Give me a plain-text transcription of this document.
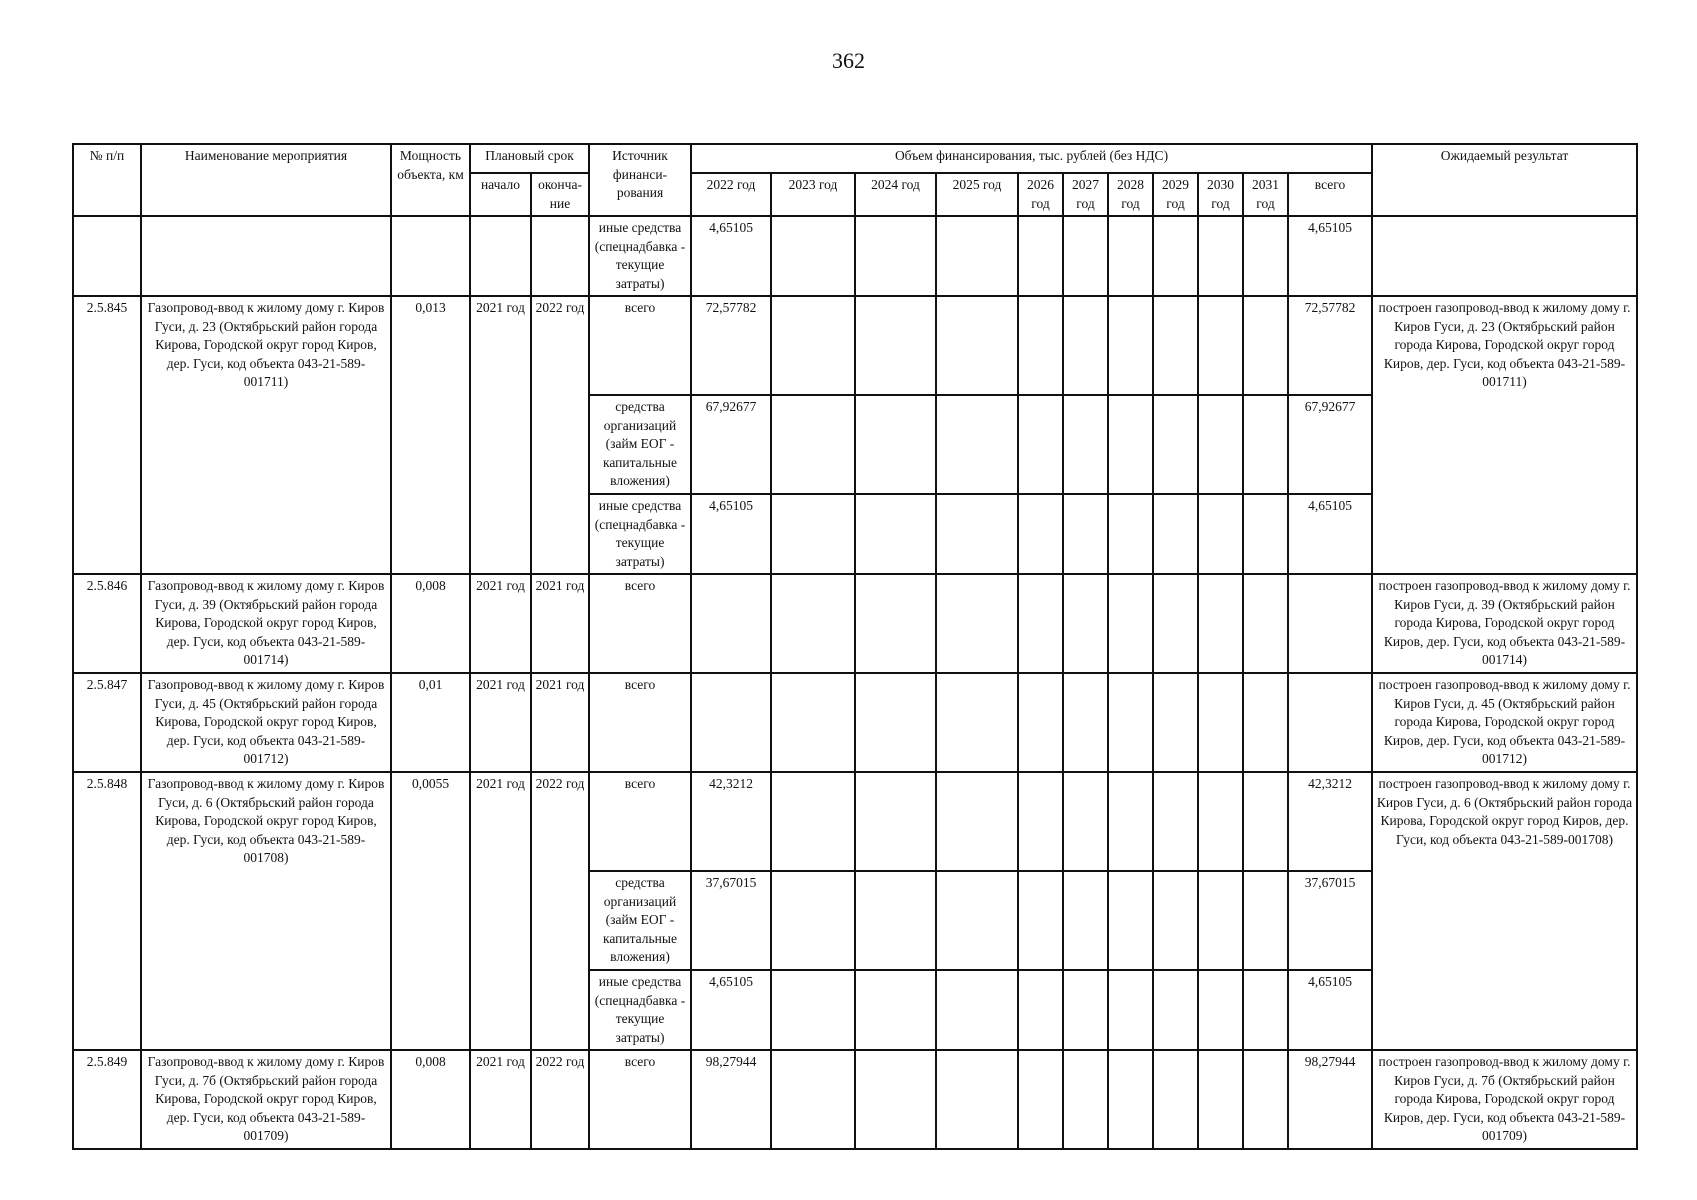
362
№ п/п	Наименование мероприятия	Мощность объекта, км	Плановый срок		Источник финанси-рования	Объем финансирования, тыс. рублей (без НДС)											Ожидаемый результат
			начало	оконча-ние		2022 год	2023 год	2024 год	2025 год	2026 год	2027 год	2028 год	2029 год	2030 год	2031 год	всего	
					иные средства (спецнадбавка - текущие затраты)	4,65105										4,65105	
2.5.845	Газопровод-ввод к жилому дому г. Киров Гуси, д. 23 (Октябрьский район города Кирова, Городской округ город Киров, дер. Гуси, код объекта 043-21-589-001711)	0,013	2021 год	2022 год	всего	72,57782										72,57782	построен газопровод-ввод к жилому дому г. Киров Гуси, д. 23 (Октябрьский район города Кирова, Городской округ город Киров, дер. Гуси, код объекта 043-21-589-001711)
					средства организаций (займ ЕОГ - капитальные вложения)	67,92677										67,92677	
					иные средства (спецнадбавка - текущие затраты)	4,65105										4,65105	
2.5.846	Газопровод-ввод к жилому дому г. Киров Гуси, д. 39 (Октябрьский район города Кирова, Городской округ город Киров, дер. Гуси, код объекта 043-21-589-001714)	0,008	2021 год	2021 год	всего												построен газопровод-ввод к жилому дому г. Киров Гуси, д. 39 (Октябрьский район города Кирова, Городской округ город Киров, дер. Гуси, код объекта 043-21-589-001714)
2.5.847	Газопровод-ввод к жилому дому г. Киров Гуси, д. 45 (Октябрьский район города Кирова, Городской округ город Киров, дер. Гуси, код объекта 043-21-589-001712)	0,01	2021 год	2021 год	всего												построен газопровод-ввод к жилому дому г. Киров Гуси, д. 45 (Октябрьский район города Кирова, Городской округ город Киров, дер. Гуси, код объекта 043-21-589-001712)
2.5.848	Газопровод-ввод к жилому дому г. Киров Гуси, д. 6 (Октябрьский район города Кирова, Городской округ город Киров, дер. Гуси, код объекта 043-21-589-001708)	0,0055	2021 год	2022 год	всего	42,3212										42,3212	построен газопровод-ввод к жилому дому г. Киров Гуси, д. 6 (Октябрьский район города Кирова, Городской округ город Киров, дер. Гуси, код объекта 043-21-589-001708)
					средства организаций (займ ЕОГ - капитальные вложения)	37,67015										37,67015	
					иные средства (спецнадбавка - текущие затраты)	4,65105										4,65105	
2.5.849	Газопровод-ввод к жилому дому г. Киров Гуси, д. 7б (Октябрьский район города Кирова, Городской округ город Киров, дер. Гуси, код объекта 043-21-589-001709)	0,008	2021 год	2022 год	всего	98,27944										98,27944	построен газопровод-ввод к жилому дому г. Киров Гуси, д. 7б (Октябрьский район города Кирова, Городской округ город Киров, дер. Гуси, код объекта 043-21-589-001709)
